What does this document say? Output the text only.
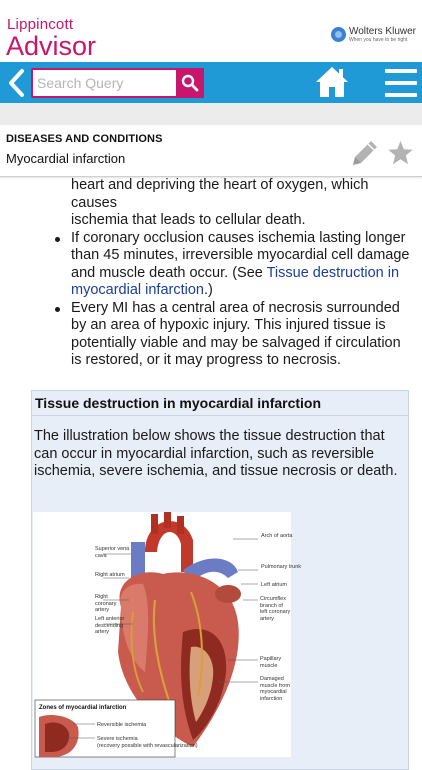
Lippincott
Advisor	Wolters Kluwer
When you have to be right
Search Query
DISEASES AND CONDITIONS
Myocardial infarction
heart and depriving the heart of oxygen, which causes
ischemia that leads to cellular death.
If coronary occlusion causes ischemia lasting longer than 45 minutes, irreversible myocardial cell damage and muscle death occur. (See Tissue destruction in myocardial infarction.)
Every MI has a central area of necrosis surrounded by an area of hypoxic injury. This injured tissue is potentially viable and may be salvaged if circulation is restored, or it may progress to necrosis.
Tissue destruction in myocardial infarction
The illustration below shows the tissue destruction that can occur in myocardial infarction, such as reversible ischemia, severe ischemia, and tissue necrosis or death.
Arch of aorta
Pulmonary trunk
Left atrium
Circumflex branch of left coronary artery
Papillary muscle
Damaged muscle from myocardial infarction
Superior vena cava
Right atrium
Right coronary artery
Left anterior descending artery
Zones of myocardial infarction
Reversible ischemia
Severe ischemia
(recovery possible with revascularization)
